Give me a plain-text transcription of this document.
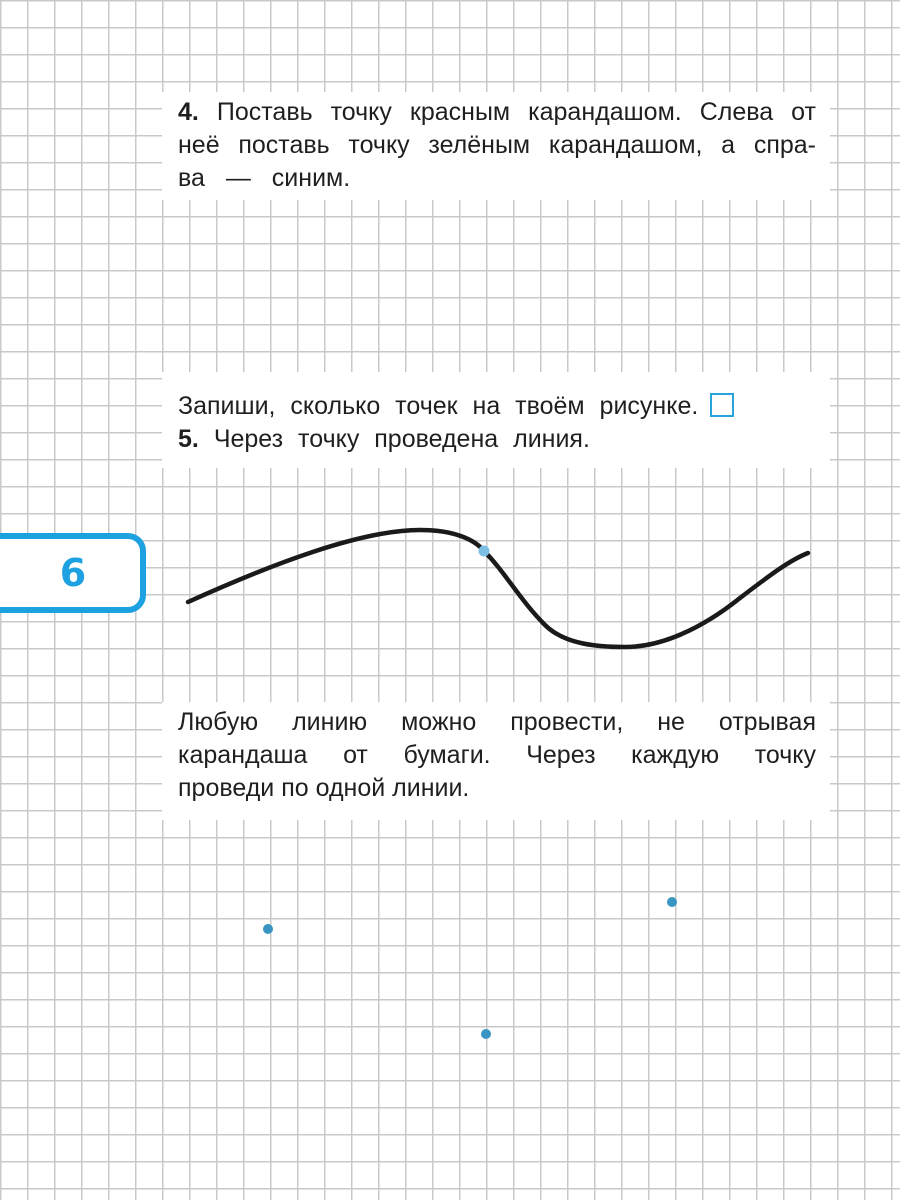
4. Поставь точку красным карандашом. Слева от
неё поставь точку зелёным карандашом, а спра-
ва — синим.
Запиши, сколько точек на твоём рисунке.
5. Через точку проведена линия.
Любую линию можно провести, не отрывая
карандаша от бумаги. Через каждую точку
проведи по одной линии.
6
